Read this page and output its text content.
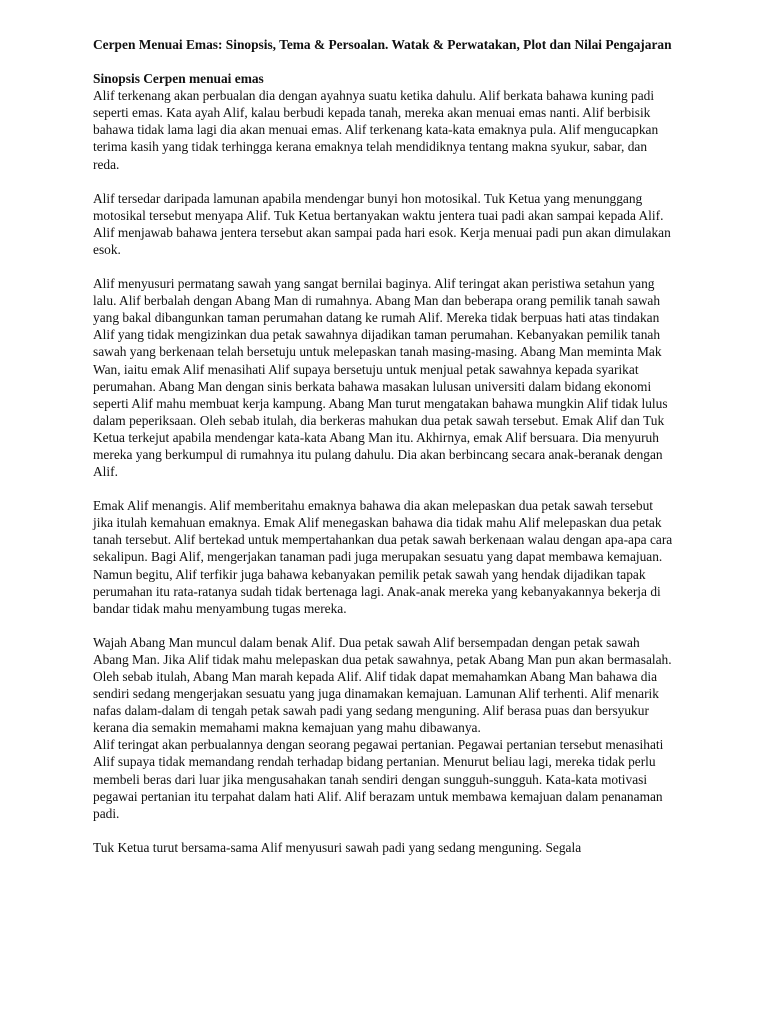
Cerpen Menuai Emas: Sinopsis, Tema & Persoalan. Watak & Perwatakan, Plot dan Nilai Pengajaran

Sinopsis Cerpen menuai emas

Alif terkenang akan perbualan dia dengan ayahnya suatu ketika dahulu. Alif berkata bahawa kuning padi seperti emas. Kata ayah Alif, kalau berbudi kepada tanah, mereka akan menuai emas nanti. Alif berbisik bahawa tidak lama lagi dia akan menuai emas. Alif terkenang kata-kata emaknya pula. Alif mengucapkan terima kasih yang tidak terhingga kerana emaknya telah mendidiknya tentang makna syukur, sabar, dan reda.

Alif tersedar daripada lamunan apabila mendengar bunyi hon motosikal. Tuk Ketua yang menunggang motosikal tersebut menyapa Alif. Tuk Ketua bertanyakan waktu jentera tuai padi akan sampai kepada Alif. Alif menjawab bahawa jentera tersebut akan sampai pada hari esok. Kerja menuai padi pun akan dimulakan esok.

Alif menyusuri permatang sawah yang sangat bernilai baginya. Alif teringat akan peristiwa setahun yang lalu. Alif berbalah dengan Abang Man di rumahnya. Abang Man dan beberapa orang pemilik tanah sawah yang bakal dibangunkan taman perumahan datang ke rumah Alif. Mereka tidak berpuas hati atas tindakan Alif yang tidak mengizinkan dua petak sawahnya dijadikan taman perumahan. Kebanyakan pemilik tanah sawah yang berkenaan telah bersetuju untuk melepaskan tanah masing-masing. Abang Man meminta Mak Wan, iaitu emak Alif menasihati Alif supaya bersetuju untuk menjual petak sawahnya kepada syarikat perumahan. Abang Man dengan sinis berkata bahawa masakan lulusan universiti dalam bidang ekonomi seperti Alif mahu membuat kerja kampung. Abang Man turut mengatakan bahawa mungkin Alif tidak lulus dalam peperiksaan. Oleh sebab itulah, dia berkeras mahukan dua petak sawah tersebut. Emak Alif dan Tuk Ketua terkejut apabila mendengar kata-kata Abang Man itu. Akhirnya, emak Alif bersuara. Dia menyuruh mereka yang berkumpul di rumahnya itu pulang dahulu. Dia akan berbincang secara anak-beranak dengan Alif.

Emak Alif menangis. Alif memberitahu emaknya bahawa dia akan melepaskan dua petak sawah tersebut jika itulah kemahuan emaknya. Emak Alif menegaskan bahawa dia tidak mahu Alif melepaskan dua petak tanah tersebut. Alif bertekad untuk mempertahankan dua petak sawah berkenaan walau dengan apa-apa cara sekalipun. Bagi Alif, mengerjakan tanaman padi juga merupakan sesuatu yang dapat membawa kemajuan. Namun begitu, Alif terfikir juga bahawa kebanyakan pemilik petak sawah yang hendak dijadikan tapak perumahan itu rata-ratanya sudah tidak bertenaga lagi. Anak-anak mereka yang kebanyakannya bekerja di bandar tidak mahu menyambung tugas mereka.

Wajah Abang Man muncul dalam benak Alif. Dua petak sawah Alif bersempadan dengan petak sawah Abang Man. Jika Alif tidak mahu melepaskan dua petak sawahnya, petak Abang Man pun akan bermasalah. Oleh sebab itulah, Abang Man marah kepada Alif. Alif tidak dapat memahamkan Abang Man bahawa dia sendiri sedang mengerjakan sesuatu yang juga dinamakan kemajuan. Lamunan Alif terhenti. Alif menarik nafas dalam-dalam di tengah petak sawah padi yang sedang menguning. Alif berasa puas dan bersyukur kerana dia semakin memahami makna kemajuan yang mahu dibawanya.

Alif teringat akan perbualannya dengan seorang pegawai pertanian. Pegawai pertanian tersebut menasihati Alif supaya tidak memandang rendah terhadap bidang pertanian. Menurut beliau lagi, mereka tidak perlu membeli beras dari luar jika mengusahakan tanah sendiri dengan sungguh-sungguh. Kata-kata motivasi pegawai pertanian itu terpahat dalam hati Alif. Alif berazam untuk membawa kemajuan dalam penanaman padi.

Tuk Ketua turut bersama-sama Alif menyusuri sawah padi yang sedang menguning. Segala
